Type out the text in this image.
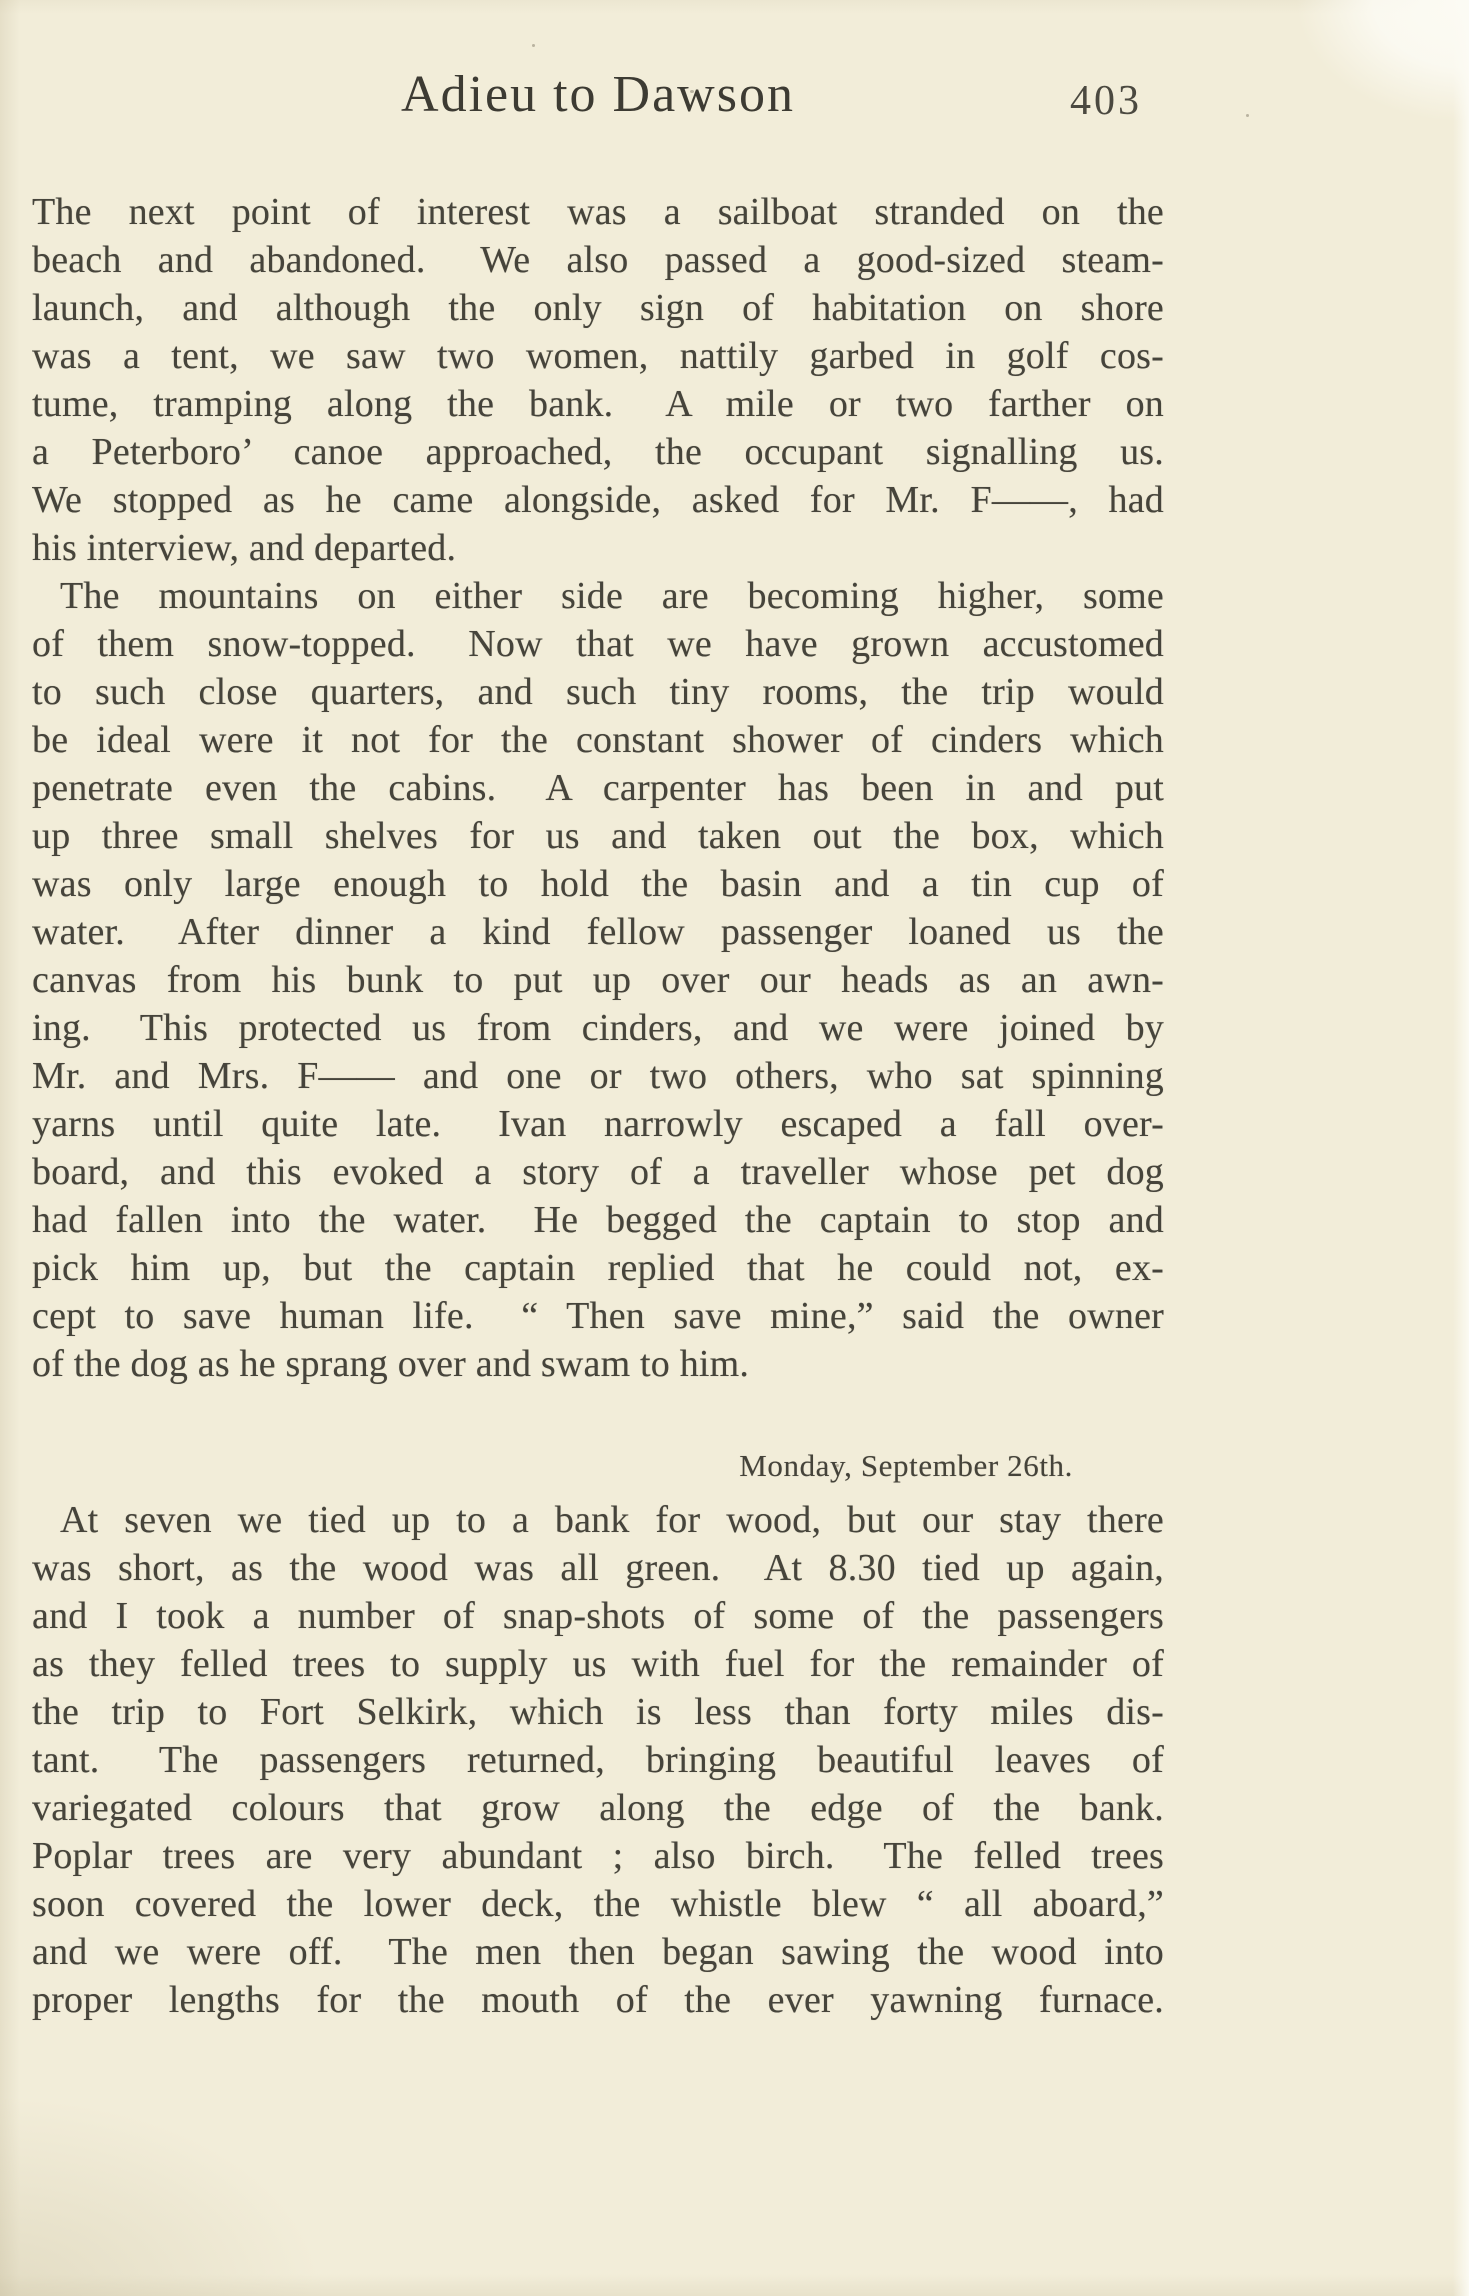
Adieu to Dawson	403
The next point of interest was a sailboat stranded on the
beach and abandoned.  We also passed a good-sized steam-
launch, and although the only sign of habitation on shore
was a tent, we saw two women, nattily garbed in golf cos-
tume, tramping along the bank.  A mile or two farther on
a Peterboro’ canoe approached, the occupant signalling us.
We stopped as he came alongside, asked for Mr. F——, had
his interview, and departed.
The mountains on either side are becoming higher, some
of them snow-topped.  Now that we have grown accustomed
to such close quarters, and such tiny rooms, the trip would
be ideal were it not for the constant shower of cinders which
penetrate even the cabins.  A carpenter has been in and put
up three small shelves for us and taken out the box, which
was only large enough to hold the basin and a tin cup of
water.  After dinner a kind fellow passenger loaned us the
canvas from his bunk to put up over our heads as an awn-
ing.  This protected us from cinders, and we were joined by
Mr. and Mrs. F—— and one or two others, who sat spinning
yarns until quite late.  Ivan narrowly escaped a fall over-
board, and this evoked a story of a traveller whose pet dog
had fallen into the water.  He begged the captain to stop and
pick him up, but the captain replied that he could not, ex-
cept to save human life.  “ Then save mine,” said the owner
of the dog as he sprang over and swam to him.
Monday, September 26th.
At seven we tied up to a bank for wood, but our stay there
was short, as the wood was all green.  At 8.30 tied up again,
and I took a number of snap-shots of some of the passengers
as they felled trees to supply us with fuel for the remainder of
the trip to Fort Selkirk, which is less than forty miles dis-
tant.  The passengers returned, bringing beautiful leaves of
variegated colours that grow along the edge of the bank.
Poplar trees are very abundant ; also birch.  The felled trees
soon covered the lower deck, the whistle blew “ all aboard,”
and we were off.  The men then began sawing the wood into
proper lengths for the mouth of the ever yawning furnace.
